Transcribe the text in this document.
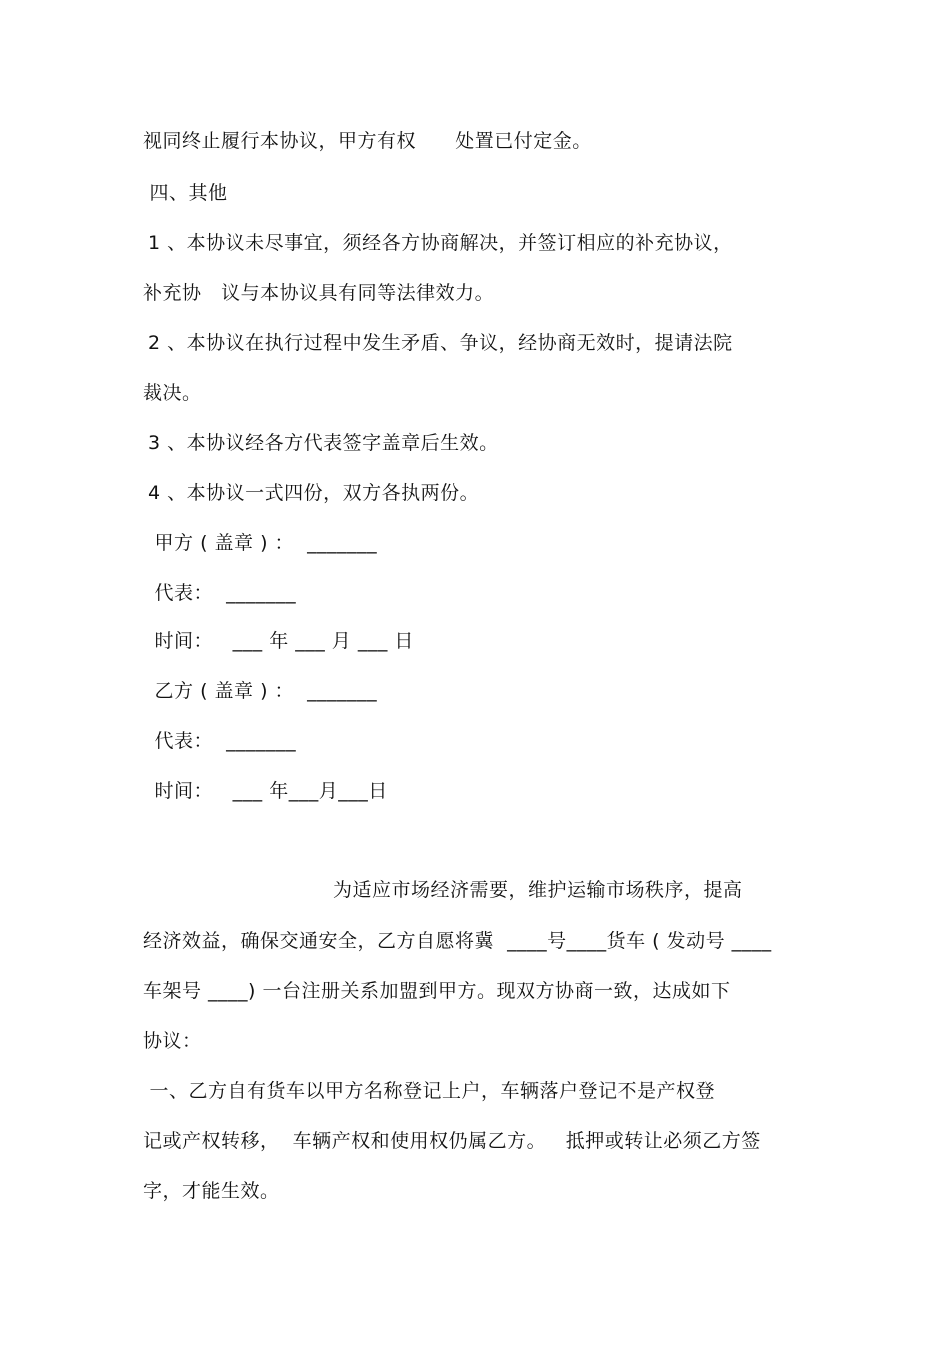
视同终止履行本协议，甲方有权      处置已付定金。
四、其他
1 、本协议未尽事宜，须经各方协商解决，并签订相应的补充协议，
补充协   议与本协议具有同等法律效力。
2 、本协议在执行过程中发生矛盾、争议，经协商无效时，提请法院
裁决。
3 、本协议经各方代表签字盖章后生效。
4 、本协议一式四份，双方各执两份。
甲方 ( 盖章 ) ：  _______
代表：  _______
时间：   ___ 年 ___ 月 ___ 日
乙方 ( 盖章 ) ：  _______
代表：  _______
时间：   ___ 年___月___日
为适应市场经济需要，维护运输市场秩序，提高
经济效益，确保交通安全，乙方自愿将冀  ____号____货车 ( 发动号 ____
车架号 ____) 一台注册关系加盟到甲方。现双方协商一致，达成如下
协议：
一、乙方自有货车以甲方名称登记上户，车辆落户登记不是产权登
记或产权转移，  车辆产权和使用权仍属乙方。   抵押或转让必须乙方签
字，才能生效。
